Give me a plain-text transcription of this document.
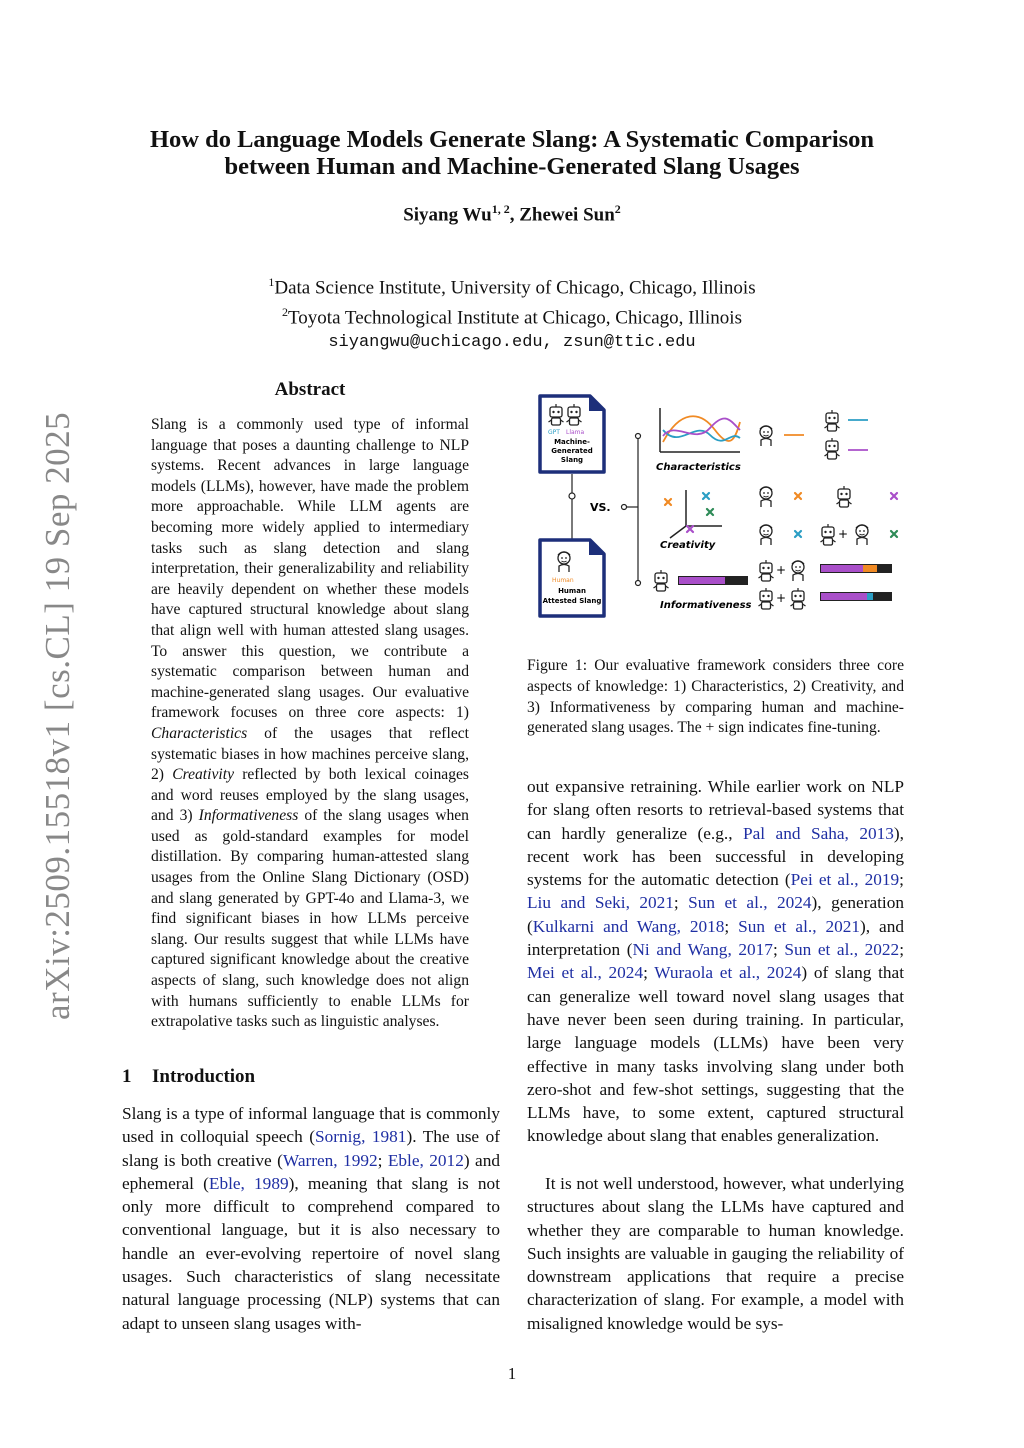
arXiv:2509.15518v1 [cs.CL] 19 Sep 2025
How do Language Models Generate Slang: A Systematic Comparison
between Human and Machine-Generated Slang Usages
Siyang Wu$^{1, 2}$, Zhewei Sun$^2$
$^1$Data Science Institute, University of Chicago, Chicago, Illinois
$^2$Toyota Technological Institute at Chicago, Chicago, Illinois
siyangwu@uchicago.edu, zsun@ttic.edu
Abstract

Slang is a commonly used type of informal language that poses a daunting challenge to NLP systems. Recent advances in large language models (LLMs), however, have made the problem more approachable. While LLM agents are becoming more widely applied to intermediary tasks such as slang detection and slang interpretation, their generalizability and reliability are heavily dependent on whether these models have captured structural knowledge about slang that align well with human attested slang usages. To answer this question, we contribute a systematic comparison between human and machine-generated slang usages. Our evaluative framework focuses on three core aspects: 1) Characteristics of the usages that reflect systematic biases in how machines perceive slang, 2) Creativity reflected by both lexical coinages and word reuses employed by the slang usages, and 3) Informativeness of the slang usages when used as gold-standard examples for model distillation. By comparing human-attested slang usages from the Online Slang Dictionary (OSD) and slang generated by GPT-4o and Llama-3, we find significant biases in how LLMs perceive slang. Our results suggest that while LLMs have captured significant knowledge about the creative aspects of slang, such knowledge does not align with humans sufficiently to enable LLMs for extrapolative tasks such as linguistic analyses.

1 Introduction

Slang is a type of informal language that is commonly used in colloquial speech (Sornig, 1981). The use of slang is both creative (Warren, 1992; Eble, 2012) and ephemeral (Eble, 1989), meaning that slang is not only more difficult to comprehend compared to conventional language, but it is also necessary to handle an ever-evolving repertoire of novel slang usages. Such characteristics of slang necessitate natural language processing (NLP) systems that can adapt to unseen slang usages with-

GPT Llama
Machine-
Generated
Slang
VS.
Human
Human
Attested Slang
Characteristics
Creativity
+
Informativeness
+
+

Figure 1: Our evaluative framework considers three core aspects of knowledge: 1) Characteristics, 2) Creativity, and 3) Informativeness by comparing human and machine-generated slang usages. The + sign indicates fine-tuning.

out expansive retraining. While earlier work on NLP for slang often resorts to retrieval-based systems that can hardly generalize (e.g., Pal and Saha, 2013), recent work has been successful in developing systems for the automatic detection (Pei et al., 2019; Liu and Seki, 2021; Sun et al., 2024), generation (Kulkarni and Wang, 2018; Sun et al., 2021), and interpretation (Ni and Wang, 2017; Sun et al., 2022; Mei et al., 2024; Wuraola et al., 2024) of slang that can generalize well toward novel slang usages that have never been seen during training. In particular, large language models (LLMs) have been very effective in many tasks involving slang under both zero-shot and few-shot settings, suggesting that the LLMs have, to some extent, captured structural knowledge about slang that enables generalization.

It is not well understood, however, what underlying structures about slang the LLMs have captured and whether they are comparable to human knowledge. Such insights are valuable in gauging the reliability of downstream applications that require a precise characterization of slang. For example, a model with misaligned knowledge would be sys-

1
